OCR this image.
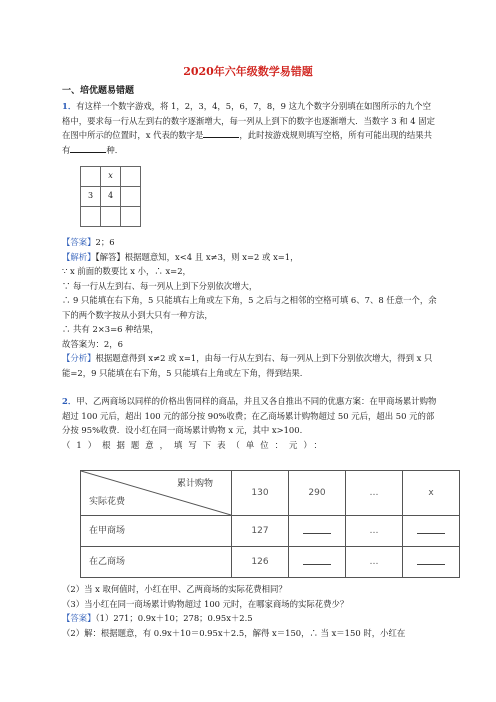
2020年六年级数学易错题
一、培优题易错题

1．有这样一个数字游戏，将 1，2，3，4，5，6，7，8，9 这九个数字分别填在如图所示的九个空格中，要求每一行从左到右的数字逐渐增大，每一列从上到下的数字也逐渐增大．当数字 3 和 4 固定在图中所示的位置时，x 代表的数字是	，此时按游戏规则填写空格，所有可能出现的结果共有	种．

	x	
3	4	

【答案】2；6

【解析】【解答】根据题意知，x<4 且 x≠3，则 x=2 或 x=1，

∵ x 前面的数要比 x 小，∴ x=2，

∵ 每一行从左到右、每一列从上到下分别依次增大，

∴ 9 只能填在右下角，5 只能填右上角或左下角，5 之后与之相邻的空格可填 6、7、8 任意一个，余下的两个数字按从小到大只有一种方法，

∴ 共有 2×3=6 种结果，

故答案为：2，6

【分析】根据题意得到 x≠2 或 x=1，由每一行从左到右、每一列从上到下分别依次增大，得到 x 只能=2，9 只能填在右下角，5 只能填右上角或左下角，得到结果.

2．甲、乙两商场以同样的价格出售同样的商品，并且又各自推出不同的优惠方案：在甲商场累计购物超过 100 元后，超出 100 元的部分按 90%收费；在乙商场累计购物超过 50 元后，超出 50 元的部分按 95%收费．设小红在同一商场累计购物 x 元，其中 x>100.

（1）根据题意，填写下表（单位：元）：

累计购物
实际花费	130	290	…	x
在甲商场	127		…	
在乙商场	126		…	

（2）当 x 取何值时，小红在甲、乙两商场的实际花费相同？

（3）当小红在同一商场累计购物超过 100 元时，在哪家商场的实际花费少？

【答案】（1）271；0.9x＋10；278；0.95x＋2.5

（2）解：根据题意，有 0.9x＋10＝0.95x＋2.5，解得 x＝150，∴ 当 x＝150 时，小红在
